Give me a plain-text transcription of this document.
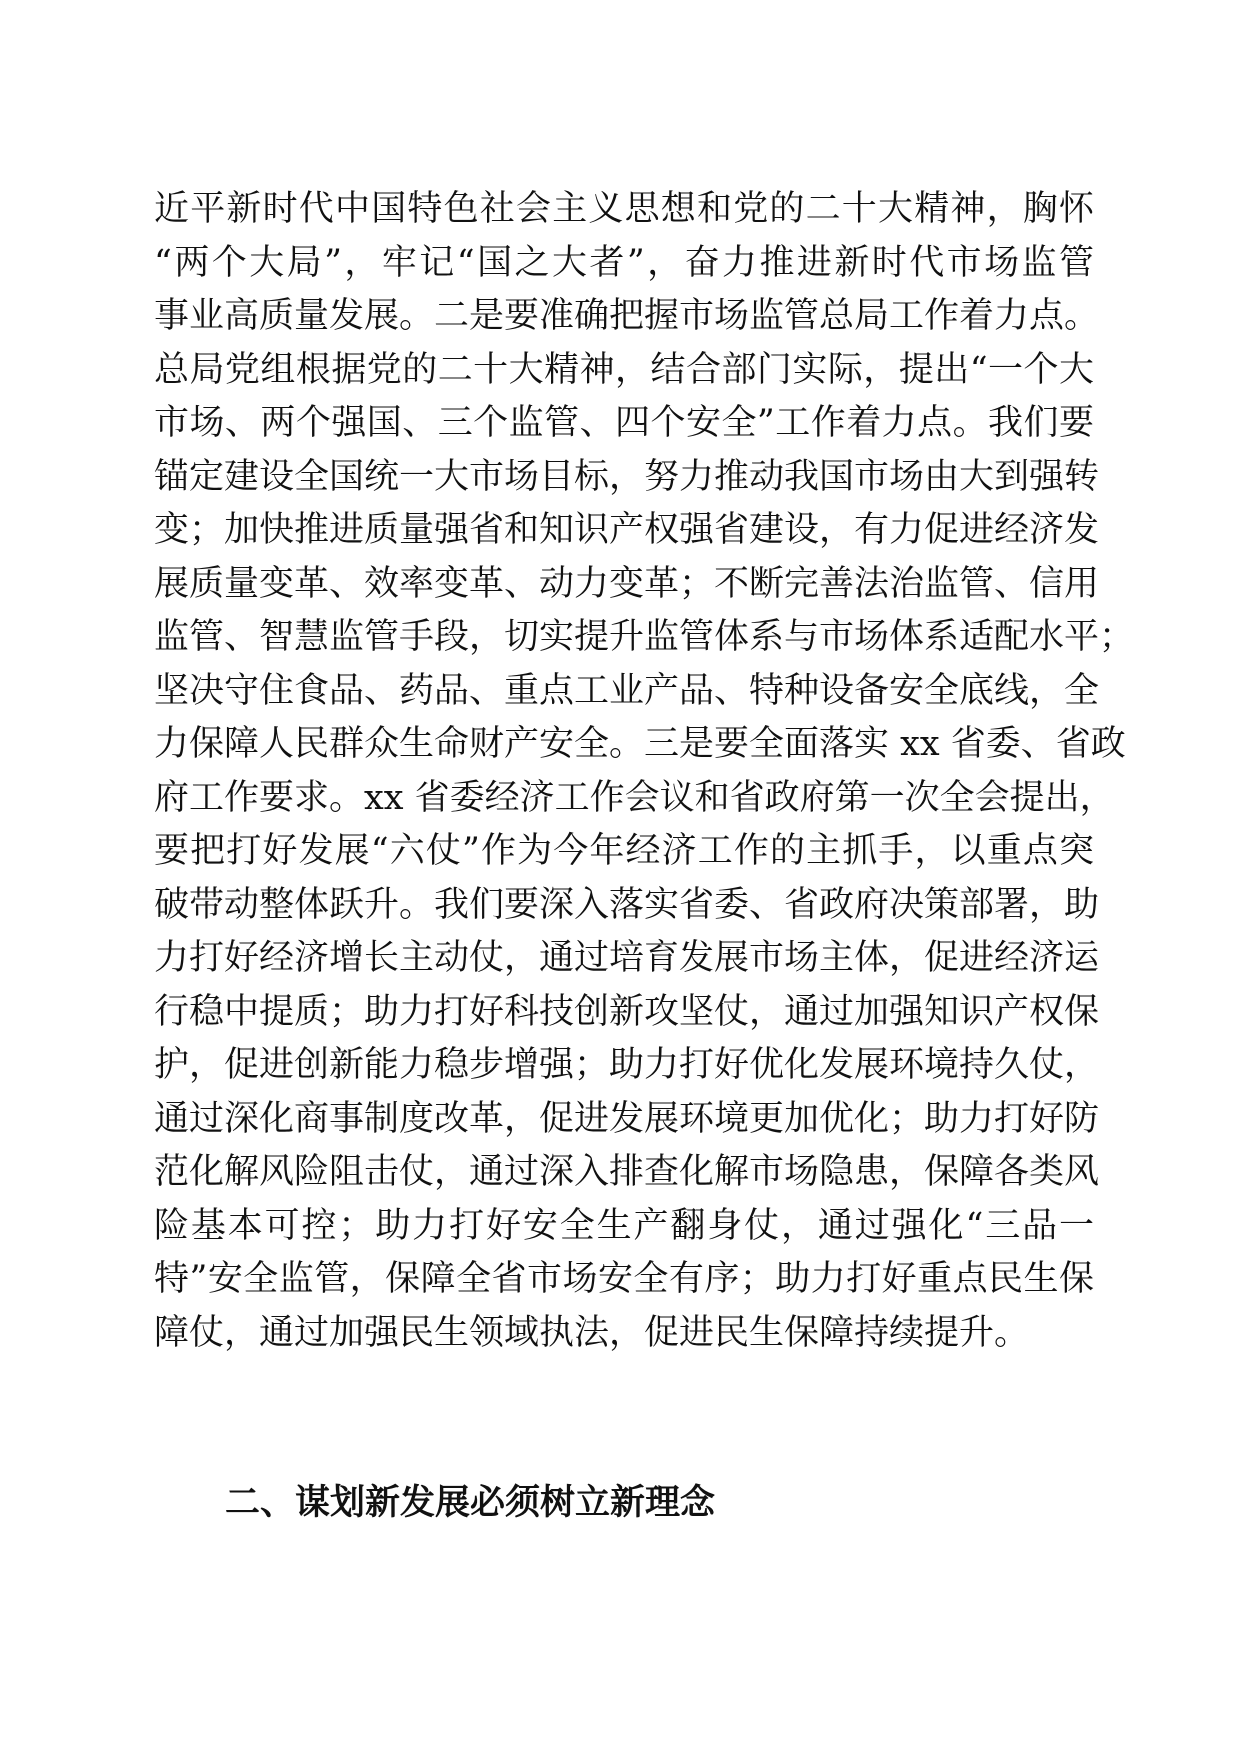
近平新时代中国特色社会主义思想和党的二十大精神，胸怀
“两个大局”，牢记“国之大者”，奋力推进新时代市场监管
事业高质量发展。二是要准确把握市场监管总局工作着力点。
总局党组根据党的二十大精神，结合部门实际，提出“一个大
市场、两个强国、三个监管、四个安全”工作着力点。我们要
锚定建设全国统一大市场目标，努力推动我国市场由大到强转
变；加快推进质量强省和知识产权强省建设，有力促进经济发
展质量变革、效率变革、动力变革；不断完善法治监管、信用
监管、智慧监管手段，切实提升监管体系与市场体系适配水平；
坚决守住食品、药品、重点工业产品、特种设备安全底线，全
力保障人民群众生命财产安全。三是要全面落实 xx 省委、省政
府工作要求。xx 省委经济工作会议和省政府第一次全会提出，
要把打好发展“六仗”作为今年经济工作的主抓手，以重点突
破带动整体跃升。我们要深入落实省委、省政府决策部署，助
力打好经济增长主动仗，通过培育发展市场主体，促进经济运
行稳中提质；助力打好科技创新攻坚仗，通过加强知识产权保
护，促进创新能力稳步增强；助力打好优化发展环境持久仗，
通过深化商事制度改革，促进发展环境更加优化；助力打好防
范化解风险阻击仗，通过深入排查化解市场隐患，保障各类风
险基本可控；助力打好安全生产翻身仗，通过强化“三品一
特”安全监管，保障全省市场安全有序；助力打好重点民生保
障仗，通过加强民生领域执法，促进民生保障持续提升。
二、谋划新发展必须树立新理念
